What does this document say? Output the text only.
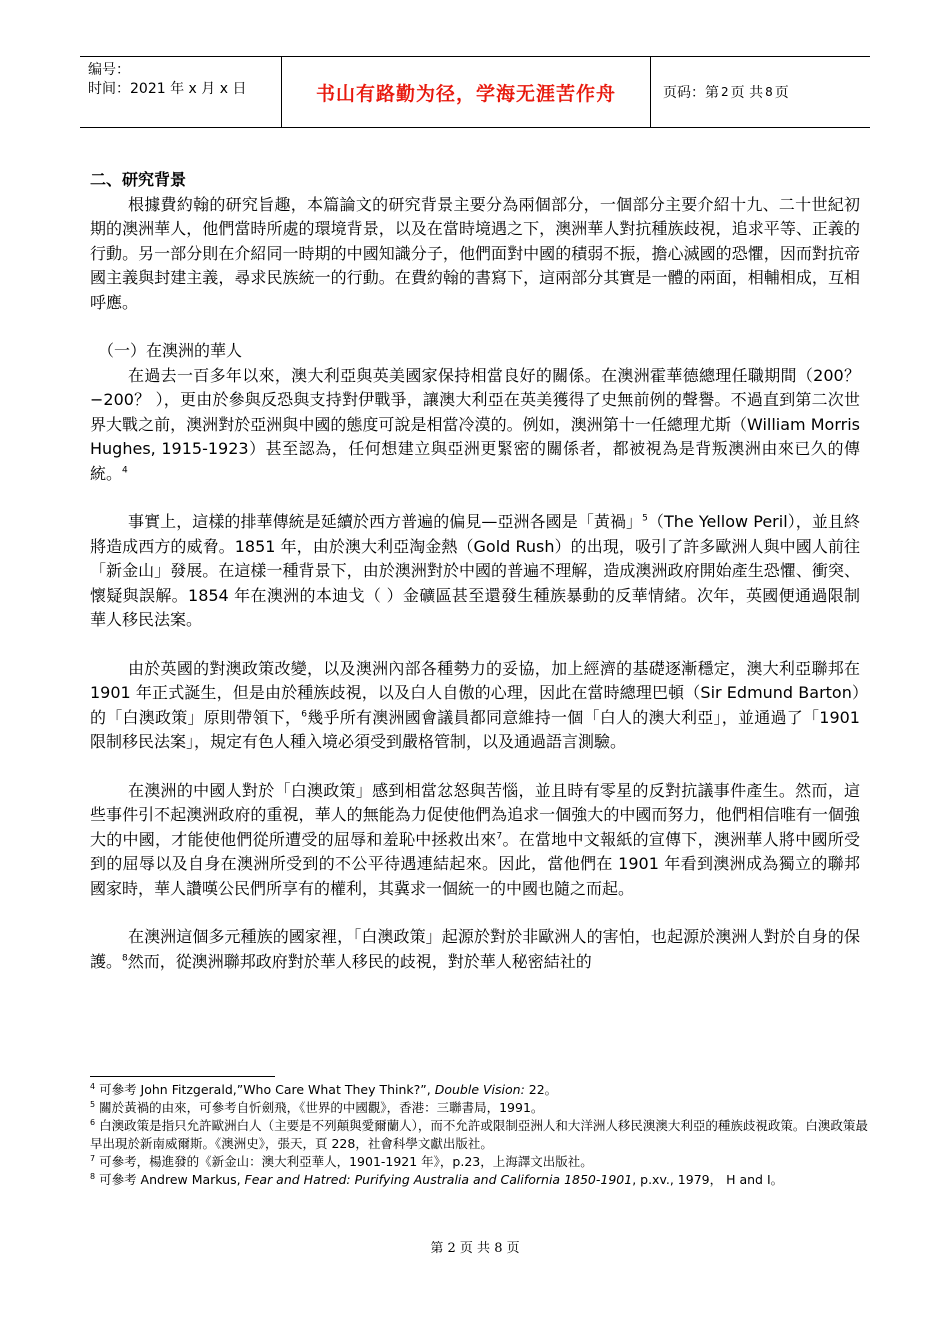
编号：
时间：2021 年 x 月 x 日	书山有路勤为径，学海无涯苦作舟	页码：第 2 页 共 8 页

二、研究背景

根據費約翰的研究旨趣，本篇論文的研究背景主要分為兩個部分，一個部分主要介紹十九、二十世紀初期的澳洲華人，他們當時所處的環境背景，以及在當時境遇之下，澳洲華人對抗種族歧視，追求平等、正義的行動。另一部分則在介紹同一時期的中國知識分子，他們面對中國的積弱不振，擔心滅國的恐懼，因而對抗帝國主義與封建主義，尋求民族統一的行動。在費約翰的書寫下，這兩部分其實是一體的兩面，相輔相成，互相呼應。

（一）在澳洲的華人

在過去一百多年以來，澳大利亞與英美國家保持相當良好的關係。在澳洲霍華德總理任職期間（200？ −200？ ），更由於參與反恐與支持對伊戰爭，讓澳大利亞在英美獲得了史無前例的聲譽。不過直到第二次世界大戰之前，澳洲對於亞洲與中國的態度可說是相當冷漠的。例如，澳洲第十一任總理尤斯（William Morris Hughes, 1915-1923）甚至認為，任何想建立與亞洲更緊密的關係者，都被視為是背叛澳洲由來已久的傳統。$^4$

事實上，這樣的排華傳統是延續於西方普遍的偏見—亞洲各國是「黃禍」$^5$（The Yellow Peril），並且終將造成西方的威脅。1851 年，由於澳大利亞淘金熱（Gold Rush）的出現，吸引了許多歐洲人與中國人前往「新金山」發展。在這樣一種背景下，由於澳洲對於中國的普遍不理解，造成澳洲政府開始產生恐懼、衝突、懷疑與誤解。1854 年在澳洲的本迪戈（ ）金礦區甚至還發生種族暴動的反華情緒。次年，英國便通過限制華人移民法案。

由於英國的對澳政策改變，以及澳洲內部各種勢力的妥協，加上經濟的基礎逐漸穩定，澳大利亞聯邦在 1901 年正式誕生，但是由於種族歧視，以及白人自傲的心理，因此在當時總理巴頓（Sir Edmund Barton）的「白澳政策」原則帶領下，$^6$幾乎所有澳洲國會議員都同意維持一個「白人的澳大利亞」，並通過了「1901 限制移民法案」，規定有色人種入境必須受到嚴格管制，以及通過語言測驗。

在澳洲的中國人對於「白澳政策」感到相當忿怒與苦惱，並且時有零星的反對抗議事件產生。然而，這些事件引不起澳洲政府的重視，華人的無能為力促使他們為追求一個強大的中國而努力，他們相信唯有一個強大的中國，才能使他們從所遭受的屈辱和羞恥中拯救出來$^7$。在當地中文報紙的宣傳下，澳洲華人將中國所受到的屈辱以及自身在澳洲所受到的不公平待遇連結起來。因此，當他們在 1901 年看到澳洲成為獨立的聯邦國家時，華人讚嘆公民們所享有的權利，其冀求一個統一的中國也隨之而起。

在澳洲這個多元種族的國家裡，「白澳政策」起源於對於非歐洲人的害怕，也起源於澳洲人對於自身的保護。$^8$然而，從澳洲聯邦政府對於華人移民的歧視，對於華人秘密結社的

$^4$ 可參考 John Fitzgerald,”Who Care What They Think?”, Double Vision: 22。
$^5$ 關於黃禍的由來，可參考自忻劍飛，《世界的中國觀》，香港：三聯書局，1991。
$^6$ 白澳政策是指只允許歐洲白人（主要是不列顛與愛爾蘭人），而不允許或限制亞洲人和大洋洲人移民澳澳大利亞的種族歧視政策。白澳政策最早出現於新南威爾斯。《澳洲史》，張天，頁 228，社會科學文獻出版社。
$^7$ 可參考，楊進發的《新金山：澳大利亞華人，1901-1921 年》，p.23，上海譯文出版社。
$^8$ 可參考 Andrew Markus, Fear and Hatred: Purifying Australia and California 1850-1901, p.xv., 1979， H and I。
第 2 页 共 8 页
